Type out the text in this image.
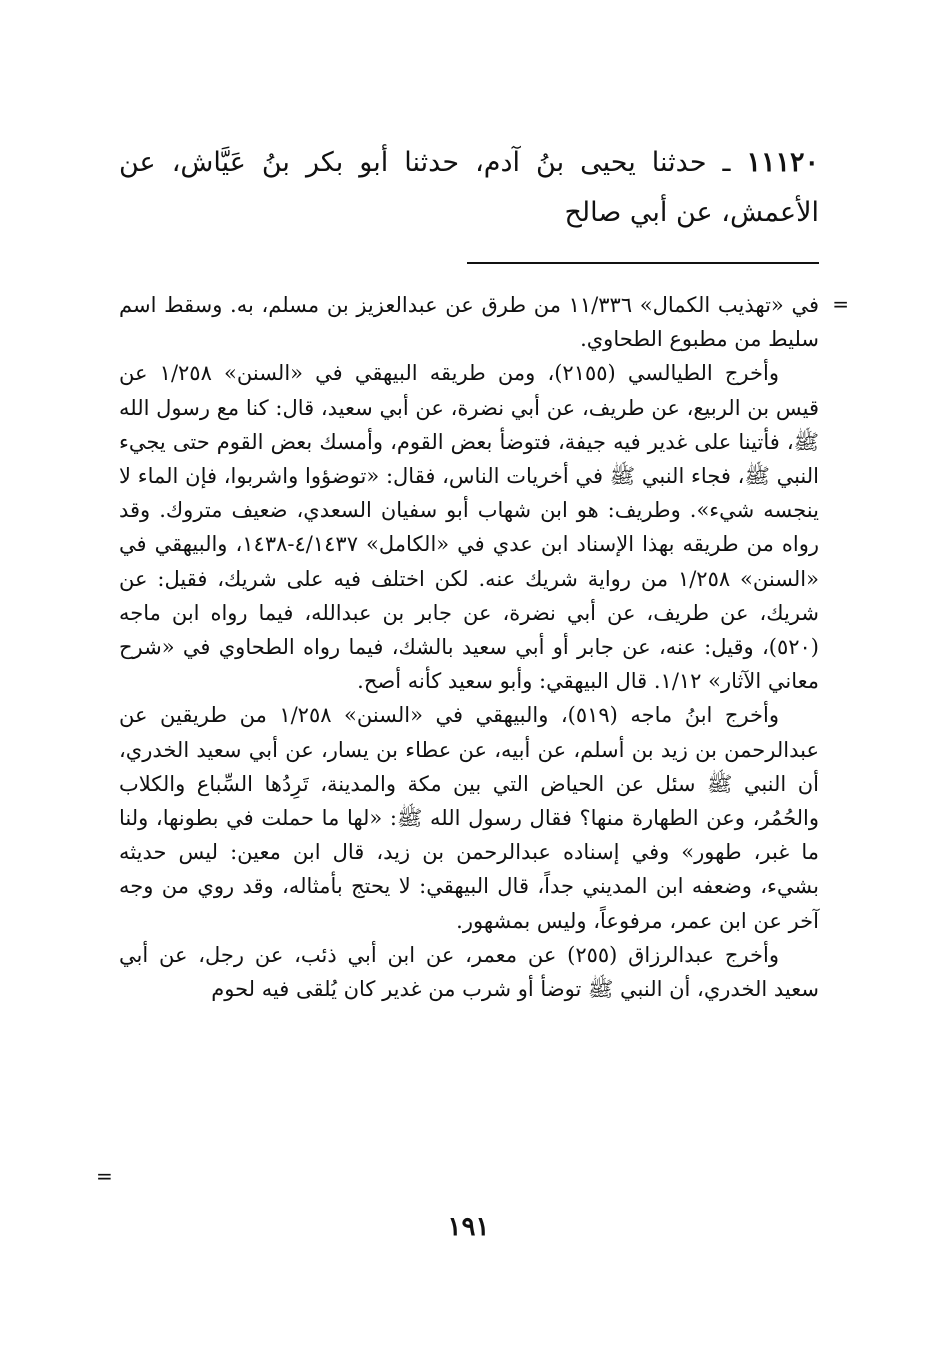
١١١٢٠ ـ حدثنا يحيى بنُ آدم، حدثنا أبو بكر بنُ عَيَّاش، عن الأعمش، عن أبي صالح
=

في «تهذيب الكمال» ١١/٣٣٦ من طرق عن عبدالعزيز بن مسلم، به. وسقط اسم سليط من مطبوع الطحاوي.

وأخرج الطيالسي (٢١٥٥)، ومن طريقه البيهقي في «السنن» ١/٢٥٨ عن قيس بن الربيع، عن طريف، عن أبي نضرة، عن أبي سعيد، قال: كنا مع رسول الله ﷺ، فأتينا على غدير فيه جيفة، فتوضأ بعض القوم، وأمسك بعض القوم حتى يجيء النبي ﷺ، فجاء النبي ﷺ في أخريات الناس، فقال: «توضؤوا واشربوا، فإن الماء لا ينجسه شيء». وطريف: هو ابن شهاب أبو سفيان السعدي، ضعيف متروك. وقد رواه من طريقه بهذا الإسناد ابن عدي في «الكامل» ٤/١٤٣٧-١٤٣٨، والبيهقي في «السنن» ١/٢٥٨ من رواية شريك عنه. لكن اختلف فيه على شريك، فقيل: عن شريك، عن طريف، عن أبي نضرة، عن جابر بن عبدالله، فيما رواه ابن ماجه (٥٢٠)، وقيل: عنه، عن جابر أو أبي سعيد بالشك، فيما رواه الطحاوي في «شرح معاني الآثار» ١/١٢. قال البيهقي: وأبو سعيد كأنه أصح.

وأخرج ابنُ ماجه (٥١٩)، والبيهقي في «السنن» ١/٢٥٨ من طريقين عن عبدالرحمن بن زيد بن أسلم، عن أبيه، عن عطاء بن يسار، عن أبي سعيد الخدري، أن النبي ﷺ سئل عن الحياض التي بين مكة والمدينة، تَرِدُها السِّباع والكلاب والحُمُر، وعن الطهارة منها؟ فقال رسول الله ﷺ: «لها ما حملت في بطونها، ولنا ما غبر، طهور» وفي إسناده عبدالرحمن بن زيد، قال ابن معين: ليس حديثه بشيء، وضعفه ابن المديني جداً، قال البيهقي: لا يحتج بأمثاله، وقد روي من وجه آخر عن ابن عمر، مرفوعاً، وليس بمشهور.

وأخرج عبدالرزاق (٢٥٥) عن معمر، عن ابن أبي ذئب، عن رجل، عن أبي سعيد الخدري، أن النبي ﷺ توضأ أو شرب من غدير كان يُلقى فيه لحوم

=
١٩١
